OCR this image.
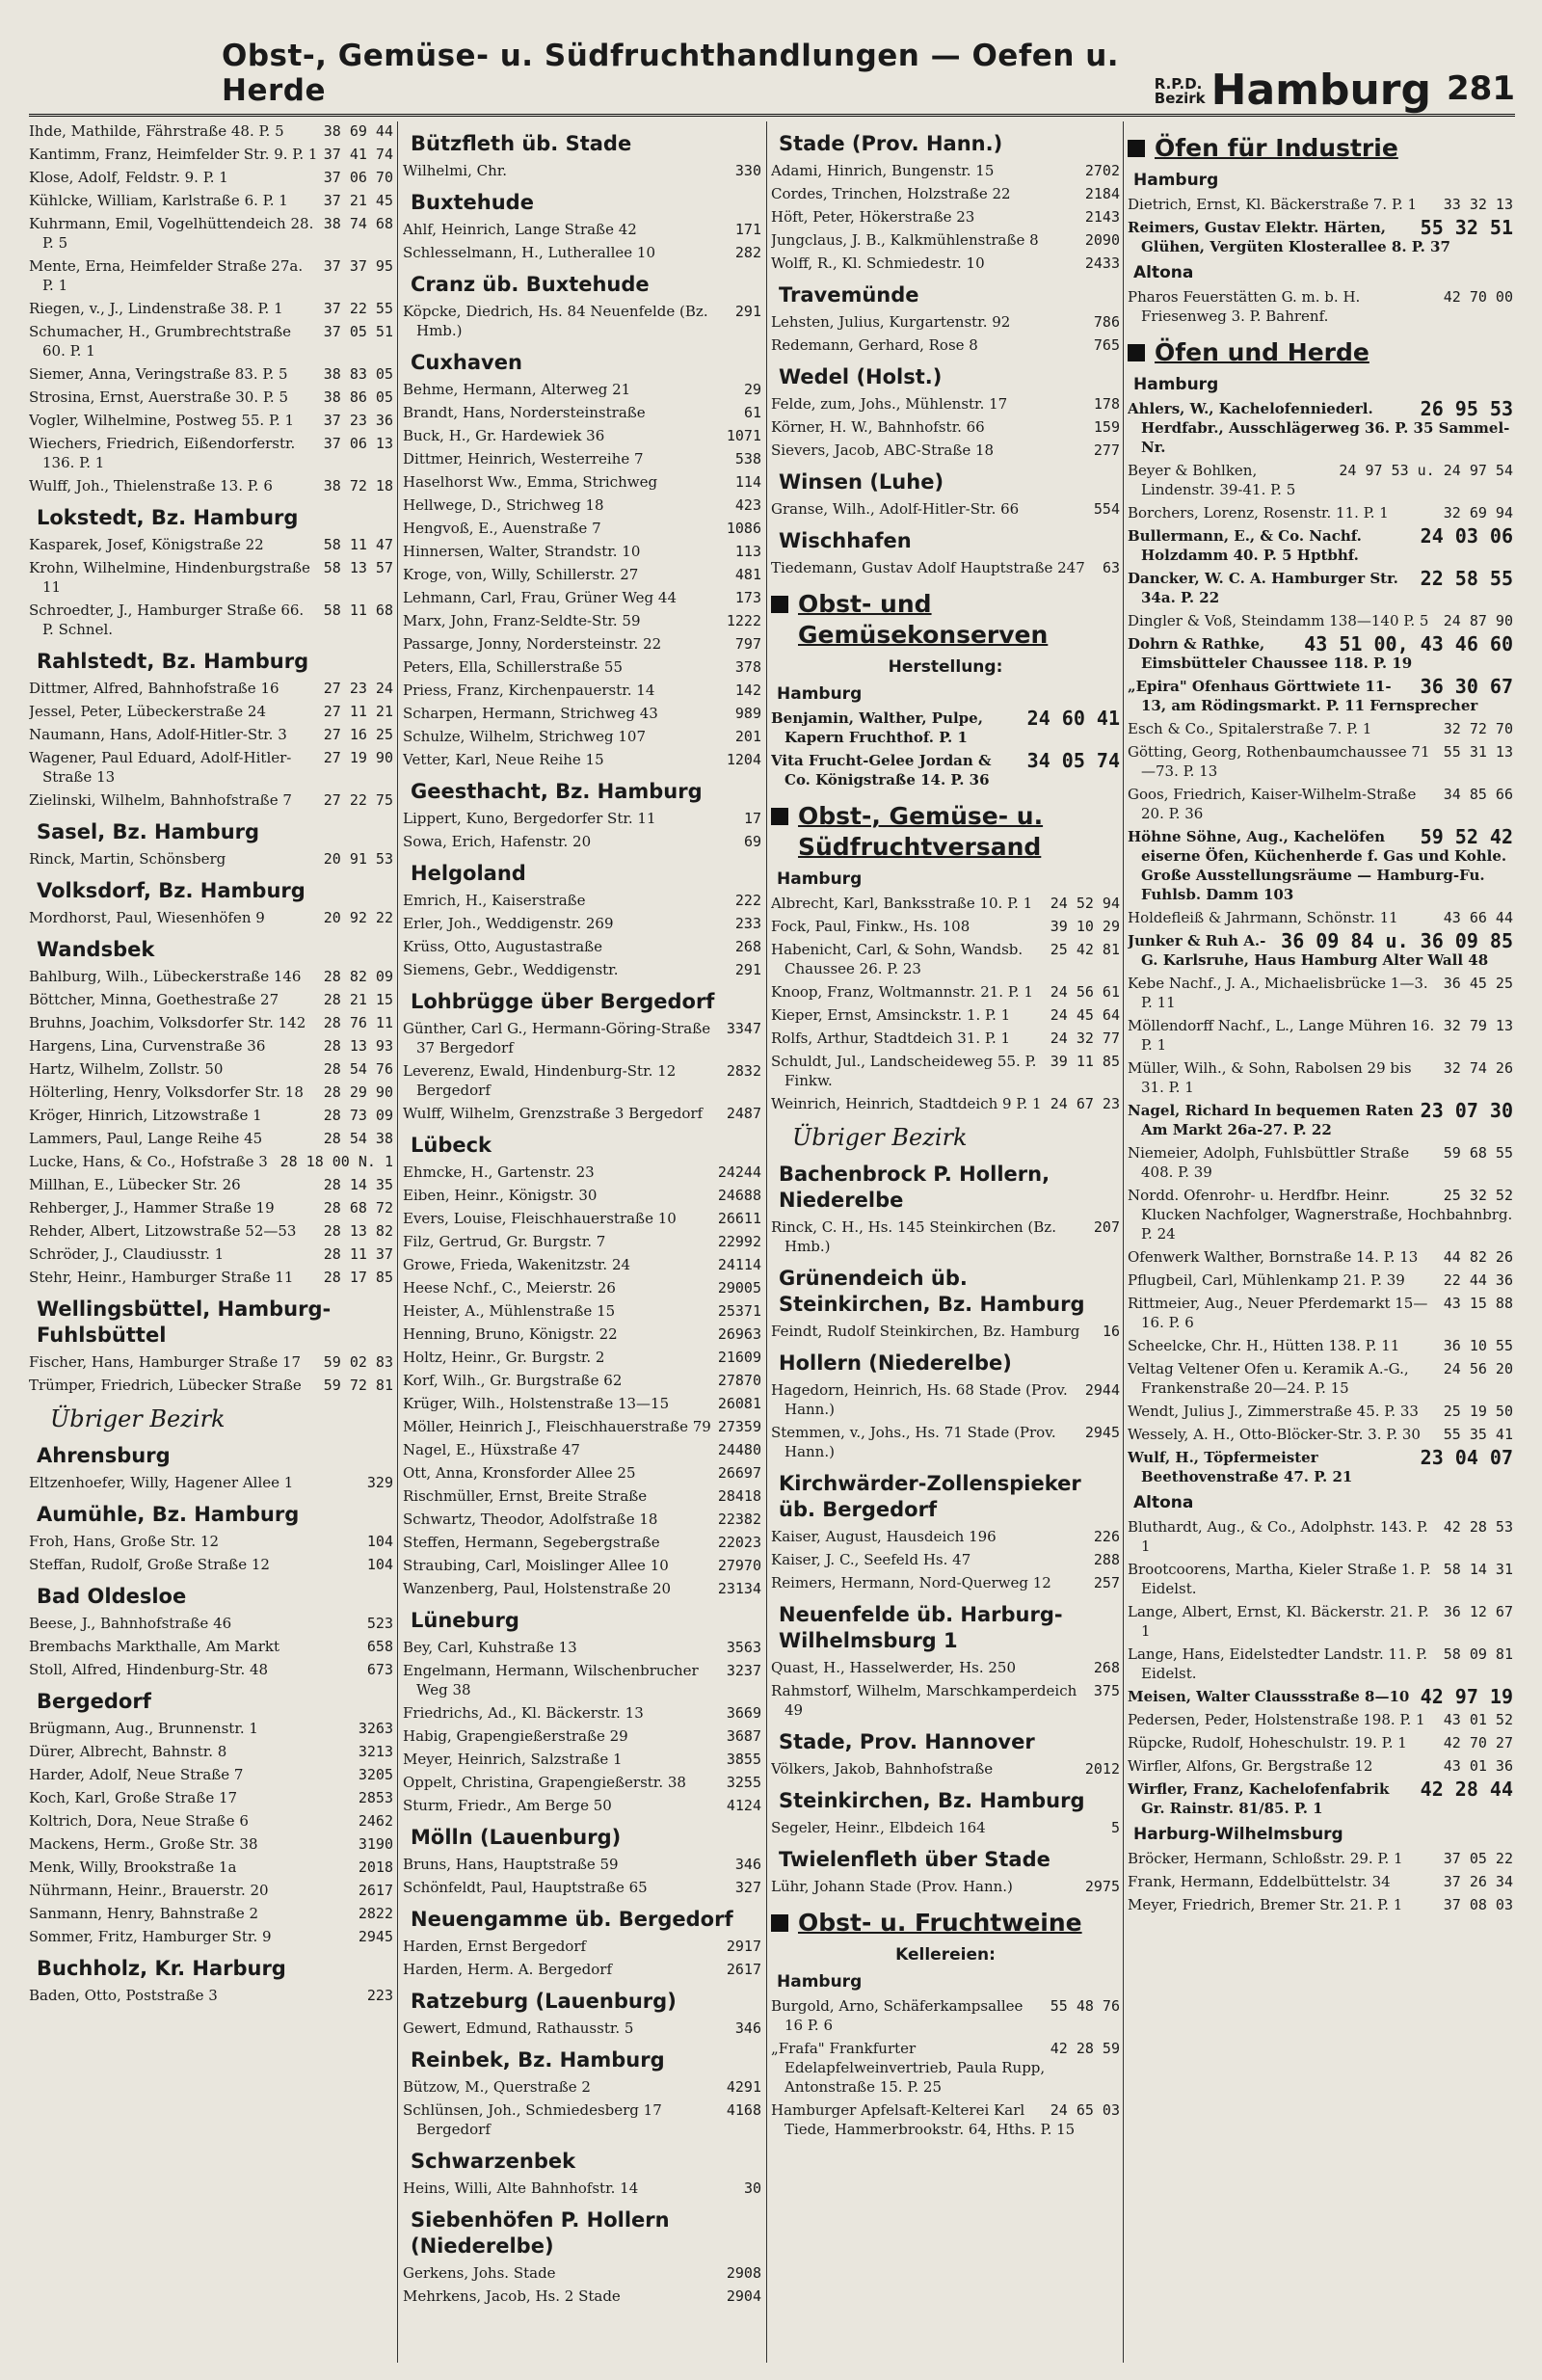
Obst-, Gemüse- u. Südfruchthandlungen — Oefen u. Herde	R.P.D.
Bezirk Hamburg 281
38 69 44
Ihde, Mathilde, Fährstraße 48. P. 5
37 41 74
Kantimm, Franz, Heimfelder Str. 9. P. 1
37 06 70
Klose, Adolf, Feldstr. 9. P. 1
37 21 45
Kühlcke, William, Karlstraße 6. P. 1
38 74 68
Kuhrmann, Emil, Vogelhüttendeich 28. P. 5
37 37 95
Mente, Erna, Heimfelder Straße 27a. P. 1
37 22 55
Riegen, v., J., Lindenstraße 38. P. 1
37 05 51
Schumacher, H., Grumbrechtstraße 60. P. 1
38 83 05
Siemer, Anna, Veringstraße 83. P. 5
38 86 05
Strosina, Ernst, Auerstraße 30. P. 5
37 23 36
Vogler, Wilhelmine, Postweg 55. P. 1
37 06 13
Wiechers, Friedrich, Eißendorferstr. 136. P. 1
38 72 18
Wulff, Joh., Thielenstraße 13. P. 6
Lokstedt, Bz. Hamburg
58 11 47
Kasparek, Josef, Königstraße 22
58 13 57
Krohn, Wilhelmine, Hindenburgstraße 11
58 11 68
Schroedter, J., Hamburger Straße 66. P. Schnel.
Rahlstedt, Bz. Hamburg
27 23 24
Dittmer, Alfred, Bahnhofstraße 16
27 11 21
Jessel, Peter, Lübeckerstraße 24
27 16 25
Naumann, Hans, Adolf-Hitler-Str. 3
27 19 90
Wagener, Paul Eduard, Adolf-Hitler-Straße 13
27 22 75
Zielinski, Wilhelm, Bahnhofstraße 7
Sasel, Bz. Hamburg
20 91 53
Rinck, Martin, Schönsberg
Volksdorf, Bz. Hamburg
20 92 22
Mordhorst, Paul, Wiesenhöfen 9
Wandsbek
28 82 09
Bahlburg, Wilh., Lübeckerstraße 146
28 21 15
Böttcher, Minna, Goethestraße 27
28 76 11
Bruhns, Joachim, Volksdorfer Str. 142
28 13 93
Hargens, Lina, Curvenstraße 36
28 54 76
Hartz, Wilhelm, Zollstr. 50
28 29 90
Hölterling, Henry, Volksdorfer Str. 18
28 73 09
Kröger, Hinrich, Litzowstraße 1
28 54 38
Lammers, Paul, Lange Reihe 45
28 18 00 N. 1
Lucke, Hans, & Co., Hofstraße 3
28 14 35
Millhan, E., Lübecker Str. 26
28 68 72
Rehberger, J., Hammer Straße 19
28 13 82
Rehder, Albert, Litzowstraße 52—53
28 11 37
Schröder, J., Claudiusstr. 1
28 17 85
Stehr, Heinr., Hamburger Straße 11
Wellingsbüttel, Hamburg-Fuhlsbüttel
59 02 83
Fischer, Hans, Hamburger Straße 17
59 72 81
Trümper, Friedrich, Lübecker Straße
Übriger Bezirk
Ahrensburg
329
Eltzenhoefer, Willy, Hagener Allee 1
Aumühle, Bz. Hamburg
104
Froh, Hans, Große Str. 12
104
Steffan, Rudolf, Große Straße 12
Bad Oldesloe
523
Beese, J., Bahnhofstraße 46
658
Brembachs Markthalle, Am Markt
673
Stoll, Alfred, Hindenburg-Str. 48
Bergedorf
3263
Brügmann, Aug., Brunnenstr. 1
3213
Dürer, Albrecht, Bahnstr. 8
3205
Harder, Adolf, Neue Straße 7
2853
Koch, Karl, Große Straße 17
2462
Koltrich, Dora, Neue Straße 6
3190
Mackens, Herm., Große Str. 38
2018
Menk, Willy, Brookstraße 1a
2617
Nührmann, Heinr., Brauerstr. 20
2822
Sanmann, Henry, Bahnstraße 2
2945
Sommer, Fritz, Hamburger Str. 9
Buchholz, Kr. Harburg
223
Baden, Otto, Poststraße 3
Bützfleth üb. Stade
330
Wilhelmi, Chr.
Buxtehude
171
Ahlf, Heinrich, Lange Straße 42
282
Schlesselmann, H., Lutherallee 10
Cranz üb. Buxtehude
291
Köpcke, Diedrich, Hs. 84 Neuenfelde (Bz. Hmb.)
Cuxhaven
29
Behme, Hermann, Alterweg 21
61
Brandt, Hans, Nordersteinstraße
1071
Buck, H., Gr. Hardewiek 36
538
Dittmer, Heinrich, Westerreihe 7
114
Haselhorst Ww., Emma, Strichweg
423
Hellwege, D., Strichweg 18
1086
Hengvoß, E., Auenstraße 7
113
Hinnersen, Walter, Strandstr. 10
481
Kroge, von, Willy, Schillerstr. 27
173
Lehmann, Carl, Frau, Grüner Weg 44
1222
Marx, John, Franz-Seldte-Str. 59
797
Passarge, Jonny, Nordersteinstr. 22
378
Peters, Ella, Schillerstraße 55
142
Priess, Franz, Kirchenpauerstr. 14
989
Scharpen, Hermann, Strichweg 43
201
Schulze, Wilhelm, Strichweg 107
1204
Vetter, Karl, Neue Reihe 15
Geesthacht, Bz. Hamburg
17
Lippert, Kuno, Bergedorfer Str. 11
69
Sowa, Erich, Hafenstr. 20
Helgoland
222
Emrich, H., Kaiserstraße
233
Erler, Joh., Weddigenstr. 269
268
Krüss, Otto, Augustastraße
291
Siemens, Gebr., Weddigenstr.
Lohbrügge über Bergedorf
3347
Günther, Carl G., Hermann-Göring-Straße 37 Bergedorf
2832
Leverenz, Ewald, Hindenburg-Str. 12 Bergedorf
2487
Wulff, Wilhelm, Grenzstraße 3 Bergedorf
Lübeck
24244
Ehmcke, H., Gartenstr. 23
24688
Eiben, Heinr., Königstr. 30
26611
Evers, Louise, Fleischhauerstraße 10
22992
Filz, Gertrud, Gr. Burgstr. 7
24114
Growe, Frieda, Wakenitzstr. 24
29005
Heese Nchf., C., Meierstr. 26
25371
Heister, A., Mühlenstraße 15
26963
Henning, Bruno, Königstr. 22
21609
Holtz, Heinr., Gr. Burgstr. 2
27870
Korf, Wilh., Gr. Burgstraße 62
26081
Krüger, Wilh., Holstenstraße 13—15
27359
Möller, Heinrich J., Fleischhauerstraße 79
24480
Nagel, E., Hüxstraße 47
26697
Ott, Anna, Kronsforder Allee 25
28418
Rischmüller, Ernst, Breite Straße
22382
Schwartz, Theodor, Adolfstraße 18
22023
Steffen, Hermann, Segebergstraße
27970
Straubing, Carl, Moislinger Allee 10
23134
Wanzenberg, Paul, Holstenstraße 20
Lüneburg
3563
Bey, Carl, Kuhstraße 13
3237
Engelmann, Hermann, Wilschenbrucher Weg 38
3669
Friedrichs, Ad., Kl. Bäckerstr. 13
3687
Habig, Grapengießerstraße 29
3855
Meyer, Heinrich, Salzstraße 1
3255
Oppelt, Christina, Grapengießerstr. 38
4124
Sturm, Friedr., Am Berge 50
Mölln (Lauenburg)
346
Bruns, Hans, Hauptstraße 59
327
Schönfeldt, Paul, Hauptstraße 65
Neuengamme üb. Bergedorf
2917
Harden, Ernst Bergedorf
2617
Harden, Herm. A. Bergedorf
Ratzeburg (Lauenburg)
346
Gewert, Edmund, Rathausstr. 5
Reinbek, Bz. Hamburg
4291
Bützow, M., Querstraße 2
4168
Schlünsen, Joh., Schmiedesberg 17 Bergedorf
Schwarzenbek
30
Heins, Willi, Alte Bahnhofstr. 14
Siebenhöfen P. Hollern (Niederelbe)
2908
Gerkens, Johs. Stade
2904
Mehrkens, Jacob, Hs. 2 Stade
Stade (Prov. Hann.)
2702
Adami, Hinrich, Bungenstr. 15
2184
Cordes, Trinchen, Holzstraße 22
2143
Höft, Peter, Hökerstraße 23
2090
Jungclaus, J. B., Kalkmühlenstraße 8
2433
Wolff, R., Kl. Schmiedestr. 10
Travemünde
786
Lehsten, Julius, Kurgartenstr. 92
765
Redemann, Gerhard, Rose 8
Wedel (Holst.)
178
Felde, zum, Johs., Mühlenstr. 17
159
Körner, H. W., Bahnhofstr. 66
277
Sievers, Jacob, ABC-Straße 18
Winsen (Luhe)
554
Granse, Wilh., Adolf-Hitler-Str. 66
Wischhafen
63
Tiedemann, Gustav Adolf Hauptstraße 247
Obst- und Gemüsekonserven
Herstellung:
Hamburg
24 60 41
Benjamin, Walther, Pulpe, Kapern Fruchthof. P. 1
34 05 74
Vita Frucht-Gelee Jordan & Co. Königstraße 14. P. 36
Obst-, Gemüse- u. Südfruchtversand
Hamburg
24 52 94
Albrecht, Karl, Banksstraße 10. P. 1
39 10 29
Fock, Paul, Finkw., Hs. 108
25 42 81
Habenicht, Carl, & Sohn, Wandsb. Chaussee 26. P. 23
24 56 61
Knoop, Franz, Woltmannstr. 21. P. 1
24 45 64
Kieper, Ernst, Amsinckstr. 1. P. 1
24 32 77
Rolfs, Arthur, Stadtdeich 31. P. 1
39 11 85
Schuldt, Jul., Landscheideweg 55. P. Finkw.
24 67 23
Weinrich, Heinrich, Stadtdeich 9 P. 1
Übriger Bezirk
Bachenbrock P. Hollern, Niederelbe
207
Rinck, C. H., Hs. 145 Steinkirchen (Bz. Hmb.)
Grünendeich üb. Steinkirchen, Bz. Hamburg
16
Feindt, Rudolf Steinkirchen, Bz. Hamburg
Hollern (Niederelbe)
2944
Hagedorn, Heinrich, Hs. 68 Stade (Prov. Hann.)
2945
Stemmen, v., Johs., Hs. 71 Stade (Prov. Hann.)
Kirchwärder-Zollenspieker üb. Bergedorf
226
Kaiser, August, Hausdeich 196
288
Kaiser, J. C., Seefeld Hs. 47
257
Reimers, Hermann, Nord-Querweg 12
Neuenfelde üb. Harburg-Wilhelmsburg 1
268
Quast, H., Hasselwerder, Hs. 250
375
Rahmstorf, Wilhelm, Marschkamperdeich 49
Stade, Prov. Hannover
2012
Völkers, Jakob, Bahnhofstraße
Steinkirchen, Bz. Hamburg
5
Segeler, Heinr., Elbdeich 164
Twielenfleth über Stade
2975
Lühr, Johann Stade (Prov. Hann.)
Obst- u. Fruchtweine
Kellereien:
Hamburg
55 48 76
Burgold, Arno, Schäferkampsallee 16 P. 6
42 28 59
„Frafa" Frankfurter Edelapfelweinvertrieb, Paula Rupp, Antonstraße 15. P. 25
24 65 03
Hamburger Apfelsaft-Kelterei Karl Tiede, Hammerbrookstr. 64, Hths. P. 15
Öfen für Industrie
Hamburg
33 32 13
Dietrich, Ernst, Kl. Bäckerstraße 7. P. 1
55 32 51
Reimers, Gustav Elektr. Härten, Glühen, Vergüten Klosterallee 8. P. 37
Altona
42 70 00
Pharos Feuerstätten G. m. b. H. Friesenweg 3. P. Bahrenf.
Öfen und Herde
Hamburg
26 95 53
Ahlers, W., Kachelofenniederl. Herdfabr., Ausschlägerweg 36. P. 35 Sammel-Nr.
24 97 53 u. 24 97 54
Beyer & Bohlken, Lindenstr. 39-41. P. 5
32 69 94
Borchers, Lorenz, Rosenstr. 11. P. 1
24 03 06
Bullermann, E., & Co. Nachf. Holzdamm 40. P. 5 Hptbhf.
22 58 55
Dancker, W. C. A. Hamburger Str. 34a. P. 22
24 87 90
Dingler & Voß, Steindamm 138—140 P. 5
43 51 00, 43 46 60
Dohrn & Rathke, Eimsbütteler Chaussee 118. P. 19
36 30 67
„Epira" Ofenhaus Görttwiete 11-13, am Rödingsmarkt. P. 11 Fernsprecher
32 72 70
Esch & Co., Spitalerstraße 7. P. 1
55 31 13
Götting, Georg, Rothenbaumchaussee 71—73. P. 13
34 85 66
Goos, Friedrich, Kaiser-Wilhelm-Straße 20. P. 36
59 52 42
Höhne Söhne, Aug., Kachelöfen eiserne Öfen, Küchenherde f. Gas und Kohle. Große Ausstellungsräume — Hamburg-Fu. Fuhlsb. Damm 103
43 66 44
Holdefleiß & Jahrmann, Schönstr. 11
36 09 84 u. 36 09 85
Junker & Ruh A.-G. Karlsruhe, Haus Hamburg Alter Wall 48
36 45 25
Kebe Nachf., J. A., Michaelisbrücke 1—3. P. 11
32 79 13
Möllendorff Nachf., L., Lange Mühren 16. P. 1
32 74 26
Müller, Wilh., & Sohn, Rabolsen 29 bis 31. P. 1
23 07 30
Nagel, Richard In bequemen Raten Am Markt 26a-27. P. 22
59 68 55
Niemeier, Adolph, Fuhlsbüttler Straße 408. P. 39
25 32 52
Nordd. Ofenrohr- u. Herdfbr. Heinr. Klucken Nachfolger, Wagnerstraße, Hochbahnbrg. P. 24
44 82 26
Ofenwerk Walther, Bornstraße 14. P. 13
22 44 36
Pflugbeil, Carl, Mühlenkamp 21. P. 39
43 15 88
Rittmeier, Aug., Neuer Pferdemarkt 15—16. P. 6
36 10 55
Scheelcke, Chr. H., Hütten 138. P. 11
24 56 20
Veltag Veltener Ofen u. Keramik A.-G., Frankenstraße 20—24. P. 15
25 19 50
Wendt, Julius J., Zimmerstraße 45. P. 33
55 35 41
Wessely, A. H., Otto-Blöcker-Str. 3. P. 30
23 04 07
Wulf, H., Töpfermeister Beethovenstraße 47. P. 21
Altona
42 28 53
Bluthardt, Aug., & Co., Adolphstr. 143. P. 1
58 14 31
Brootcoorens, Martha, Kieler Straße 1. P. Eidelst.
36 12 67
Lange, Albert, Ernst, Kl. Bäckerstr. 21. P. 1
58 09 81
Lange, Hans, Eidelstedter Landstr. 11. P. Eidelst.
42 97 19
Meisen, Walter Claussstraße 8—10
43 01 52
Pedersen, Peder, Holstenstraße 198. P. 1
42 70 27
Rüpcke, Rudolf, Hoheschulstr. 19. P. 1
43 01 36
Wirfler, Alfons, Gr. Bergstraße 12
42 28 44
Wirfler, Franz, Kachelofenfabrik Gr. Rainstr. 81/85. P. 1
Harburg-Wilhelmsburg
37 05 22
Bröcker, Hermann, Schloßstr. 29. P. 1
37 26 34
Frank, Hermann, Eddelbüttelstr. 34
37 08 03
Meyer, Friedrich, Bremer Str. 21. P. 1
